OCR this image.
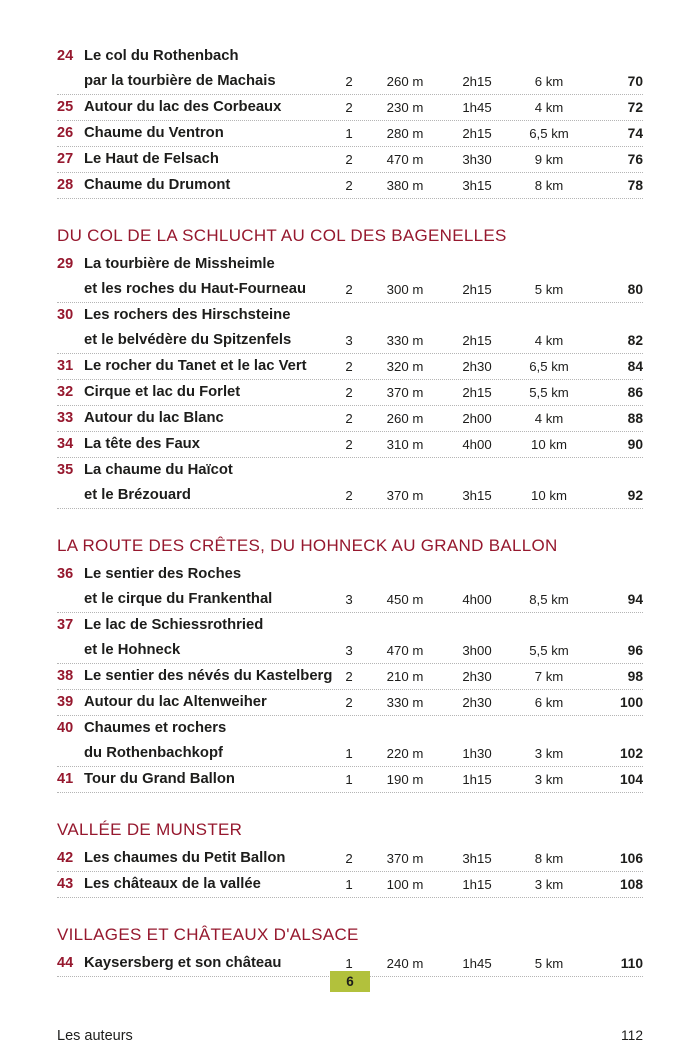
24 Le col du Rothenbach
par la tourbière de Machais	2	260 m	2h15	6 km	70
25 Autour du lac des Corbeaux	2	230 m	1h45	4 km	72
26 Chaume du Ventron	1	280 m	2h15	6,5 km	74
27 Le Haut de Felsach	2	470 m	3h30	9 km	76
28 Chaume du Drumont	2	380 m	3h15	8 km	78
DU COL DE LA SCHLUCHT AU COL DES BAGENELLES
29 La tourbière de Missheimle
et les roches du Haut-Fourneau	2	300 m	2h15	5 km	80
30 Les rochers des Hirschsteine
et le belvédère du Spitzenfels	3	330 m	2h15	4 km	82
31 Le rocher du Tanet et le lac Vert	2	320 m	2h30	6,5 km	84
32 Cirque et lac du Forlet	2	370 m	2h15	5,5 km	86
33 Autour du lac Blanc	2	260 m	2h00	4 km	88
34 La tête des Faux	2	310 m	4h00	10 km	90
35 La chaume du Haïcot
et le Brézouard	2	370 m	3h15	10 km	92
LA ROUTE DES CRÊTES, DU HOHNECK AU GRAND BALLON
36 Le sentier des Roches
et le cirque du Frankenthal	3	450 m	4h00	8,5 km	94
37 Le lac de Schiessrothried
et le Hohneck	3	470 m	3h00	5,5 km	96
38 Le sentier des névés du Kastelberg 2	210 m	2h30	7 km	98
39 Autour du lac Altenweiher	2	330 m	2h30	6 km	100
40 Chaumes et rochers
du Rothenbachkopf	1	220 m	1h30	3 km	102
41 Tour du Grand Ballon	1	190 m	1h15	3 km	104
VALLÉE DE MUNSTER
42 Les chaumes du Petit Ballon	2	370 m	3h15	8 km	106
43 Les châteaux de la vallée	1	100 m	1h15	3 km	108
VILLAGES ET CHÂTEAUX D'ALSACE
44 Kaysersberg et son château	1	240 m	1h45	5 km	110
Les auteurs	112
6
